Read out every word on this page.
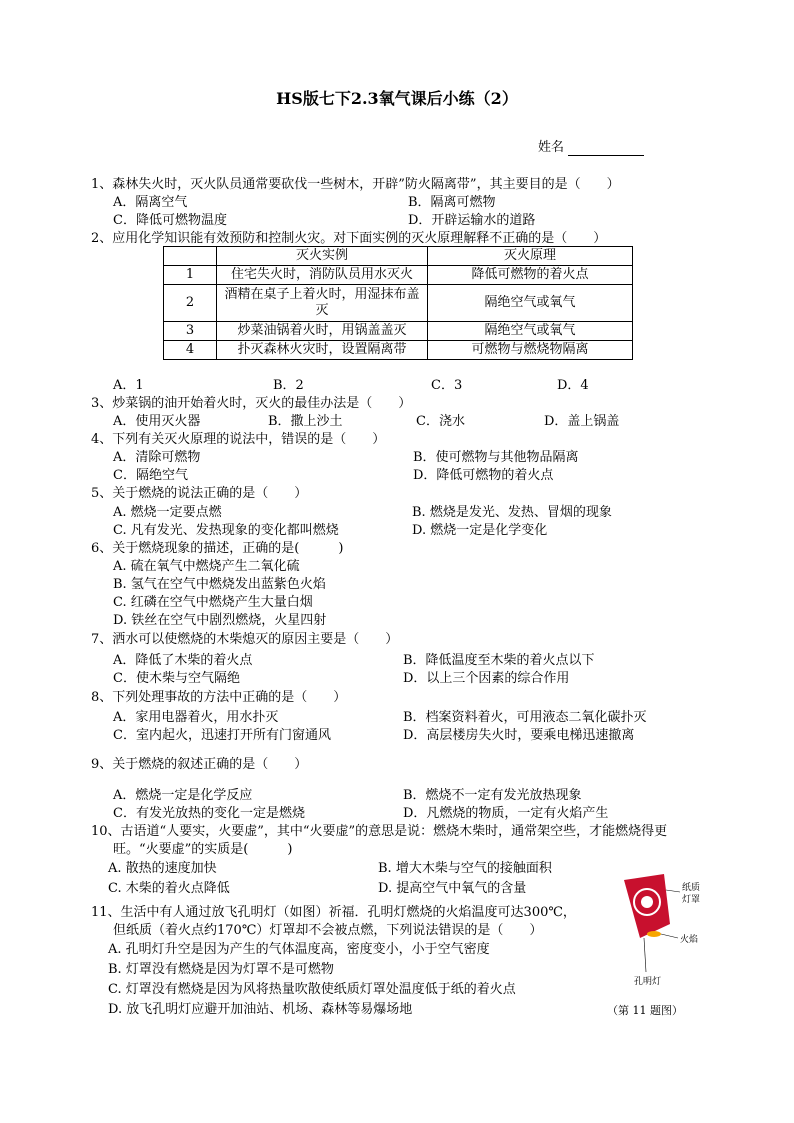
HS版七下2.3氧气课后小练（2）
姓名
1、森林失火时，灭火队员通常要砍伐一些树木，开辟”防火隔离带”，其主要目的是（　　）
A．隔离空气	B．隔离可燃物
C．降低可燃物温度	D．开辟运输水的道路
2、应用化学知识能有效预防和控制火灾。对下面实例的灭火原理解释不正确的是（　　）
	灭火实例	灭火原理
1	住宅失火时，消防队员用水灭火	降低可燃物的着火点
2	酒精在桌子上着火时，用湿抹布盖灭	隔绝空气或氧气
3	炒菜油锅着火时，用锅盖盖灭	隔绝空气或氧气
4	扑灭森林火灾时，设置隔离带	可燃物与燃烧物隔离
A．1	B．2	C．3	D．4
3、炒菜锅的油开始着火时，灭火的最佳办法是（　　）
A．使用灭火器	B．撒上沙土	C．浇水	D．盖上锅盖
4、下列有关灭火原理的说法中，错误的是（　　）
A．清除可燃物	B．使可燃物与其他物品隔离
C．隔绝空气	D．降低可燃物的着火点
5、关于燃烧的说法正确的是（　　）
A. 燃烧一定要点燃	B. 燃烧是发光、发热、冒烟的现象
C. 凡有发光、发热现象的变化都叫燃烧	D. 燃烧一定是化学变化
6、关于燃烧现象的描述，正确的是(　　　)
A. 硫在氧气中燃烧产生二氧化硫
B. 氢气在空气中燃烧发出蓝紫色火焰
C. 红磷在空气中燃烧产生大量白烟
D. 铁丝在空气中剧烈燃烧，火星四射
7、洒水可以使燃烧的木柴熄灭的原因主要是（　　）
A．降低了木柴的着火点	B．降低温度至木柴的着火点以下
C．使木柴与空气隔绝	D．以上三个因素的综合作用
8、下列处理事故的方法中正确的是（　　）
A．家用电器着火，用水扑灭	B．档案资料着火，可用液态二氧化碳扑灭
C．室内起火，迅速打开所有门窗通风	D．高层楼房失火时，要乘电梯迅速撤离
9、关于燃烧的叙述正确的是（　　）
A．燃烧一定是化学反应	B．燃烧不一定有发光放热现象
C．有发光放热的变化一定是燃烧	D．凡燃烧的物质，一定有火焰产生
10、古语道“人要实，火要虚”，其中“火要虚”的意思是说：燃烧木柴时，通常架空些，才能燃烧得更
旺。“火要虚”的实质是(　　　)
A. 散热的速度加快	B. 增大木柴与空气的接触面积
C. 木柴的着火点降低	D. 提高空气中氧气的含量
11、生活中有人通过放飞孔明灯（如图）祈福．孔明灯燃烧的火焰温度可达300℃，
但纸质（着火点约170℃）灯罩却不会被点燃，下列说法错误的是（　　）
A. 孔明灯升空是因为产生的气体温度高，密度变小，小于空气密度
B. 灯罩没有燃烧是因为灯罩不是可燃物
C. 灯罩没有燃烧是因为风将热量吹散使纸质灯罩处温度低于纸的着火点
D. 放飞孔明灯应避开加油站、机场、森林等易爆场地
纸质
灯罩
火焰
孔明灯
（第 11 题图）
